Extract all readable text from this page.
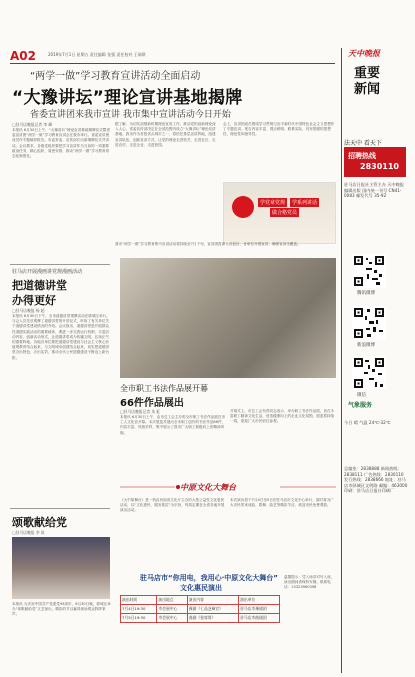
A02	2019年7月1日 星期五 责任编辑 张强 责任校对 王瑞琪
“两学一做”学习教育宣讲活动全面启动
“大豫讲坛”理论宣讲基地揭牌
省委宣讲团来我市宣讲 我市集中宣讲活动今日开始
□驻马店晚报记者 李 峰
本报讯 6月30日上午，“大豫讲坛”理论宣讲基地揭牌仪式暨省委宣讲团“两学一做”学习教育宣讲会在我市举行。省委宣讲团成员作专题辅导报告。市委常委、宣传部长出席揭牌仪式并讲话。会议要求，各级党组织要把学习宣讲作为当前的一项重要政治任务，精心组织、周密安排，推动“两学一做”学习教育常态化制度化。
据了解，为切实加强新时期理论宣讲工作，推动党的创新理论深入人心，省委宣传部决定在全省范围内设立“大豫讲坛”理论宣讲基地。我市作为首批试点城市之一，将依托基层宣讲阵地，组建宣讲队伍，创新宣讲方式，让党的理论走进机关、走进社区、走进农村、走进企业、走进校园。
会上，宣讲团成员围绕学习贯彻习近平新时代中国特色社会主义思想作了专题宣讲。报告内容丰富、观点鲜明、联系实际，具有很强的思想性、理论性和指导性。
学党章党规	学系列讲话
做合格党员
我市“两学一做”学习教育集中宣讲活动将持续至7月下旬，宣讲团将深入各县区、各单位开展宣讲，确保宣讲全覆盖。
驻马店开展漫画讲党规漫画活动
把道德讲堂
办得更好
□驻马店晚报 杨 超
本报讯 6月30日下午，全市道德讲堂观摩活动在驿城区举行。与会人员先后观摩了道德讲堂的开讲仪式，听取了有关单位关于道德讲堂建设情况的介绍。会议指出，道德讲堂是开展群众性道德实践活动的重要载体，要进一步完善运行机制，丰富活动内容，创新活动形式，让道德讲堂成为传播文明、弘扬正气的重要阵地。各地各单位要把道德讲堂建设与社会主义核心价值观教育结合起来，与文明城市创建结合起来，切实把道德讲堂办出特色、办出实效，推动全市公民道德建设不断迈上新台阶。
全市职工书法作品展开幕
66件作品展出
□驻马店晚报记者 朱 虹
本报讯 6月30日上午，由市总工会主办的全市职工书法作品展在市工人文化宫开幕。本次展览共展出全市职工创作的书法作品66件，内容丰富，风格多样，集中展示了我市广大职工积极向上的精神风貌。
开幕式上，市总工会负责同志表示，举办职工书法作品展，旨在丰富职工精神文化生活，营造健康向上的企业文化氛围，展览将持续一周，欢迎广大市民前往参观。
颂歌献给党
□驻马店晚报 李 岚
本报讯 为庆祝中国共产党建党95周年，6月30日晚，驿城区举办“颂歌献给党”文艺演出，精彩的节目赢得现场观众阵阵掌声。
中原文化大舞台
《大中原舞台》是一档由河南省文化厅主办的大型公益性文化惠民活动，以“文化惠民、服务基层”为宗旨，每周定期在全省各地开展演出活动。
本次演出将于7月4日至5日在驻马店市文化中心举行，届时将为广大市民带来戏曲、歌舞、曲艺等精彩节目，欢迎市民免费观看。
驻马店市“你用电，我用心·中原文化大舞台”
文化惠民演出
演出时间	演出地点	演出内容	演出单位
7月4日19:30	市会展中心	豫剧《七品芝麻官》	驻马店市豫剧团
7月5日19:30	市会展中心	曲剧《卷席筒》	驻马店市曲剧团
温馨提示：凭入场券对号入座，演出期间请保持安静。联系电话：13323960398
天中晚报
重要
新闻
法天中 看天下
招聘热线
2830110
驻马店日报社主管主办 天中晚报编辑出版 国内统一刊号 CN41-0083 邮发代号 35-92
腾讯微博
新浪微博
微信
气象服务
今日 晴 气温 24℃-32℃
总编室：2838888 新闻热线：2838111 广告热线：2830110 发行热线：2838666 地址：驻马店市驿城区文明路 邮编：463000 印刷：驻马店日报社印刷厂
